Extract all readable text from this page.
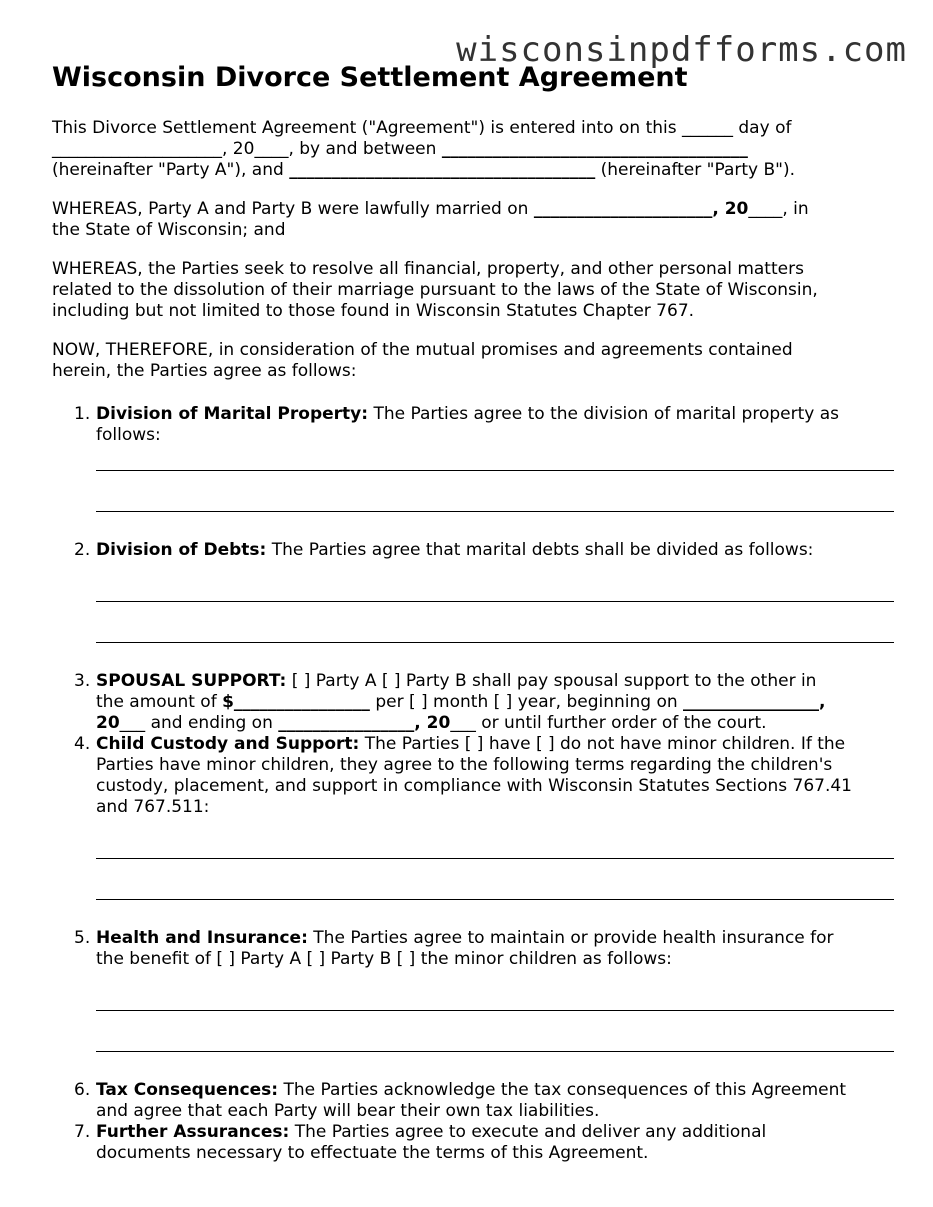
wisconsinpdfforms.com
Wisconsin Divorce Settlement Agreement

This Divorce Settlement Agreement ("Agreement") is entered into on this ______ day of
____________________, 20____, by and between ____________________________________
(hereinafter "Party A"), and ____________________________________ (hereinafter "Party B").

WHEREAS, Party A and Party B were lawfully married on _____________________, 20____, in
the State of Wisconsin; and

WHEREAS, the Parties seek to resolve all financial, property, and other personal matters
related to the dissolution of their marriage pursuant to the laws of the State of Wisconsin,
including but not limited to those found in Wisconsin Statutes Chapter 767.

NOW, THEREFORE, in consideration of the mutual promises and agreements contained
herein, the Parties agree as follows:

1. Division of Marital Property: The Parties agree to the division of marital property as
follows:
2. Division of Debts: The Parties agree that marital debts shall be divided as follows:
3. SPOUSAL SUPPORT: [ ] Party A [ ] Party B shall pay spousal support to the other in
the amount of $________________ per [ ] month [ ] year, beginning on ________________,
20___ and ending on ________________, 20___ or until further order of the court.
4. Child Custody and Support: The Parties [ ] have [ ] do not have minor children. If the
Parties have minor children, they agree to the following terms regarding the children's
custody, placement, and support in compliance with Wisconsin Statutes Sections 767.41
and 767.511:
5. Health and Insurance: The Parties agree to maintain or provide health insurance for
the benefit of [ ] Party A [ ] Party B [ ] the minor children as follows:
6. Tax Consequences: The Parties acknowledge the tax consequences of this Agreement
and agree that each Party will bear their own tax liabilities.
7. Further Assurances: The Parties agree to execute and deliver any additional
documents necessary to effectuate the terms of this Agreement.
